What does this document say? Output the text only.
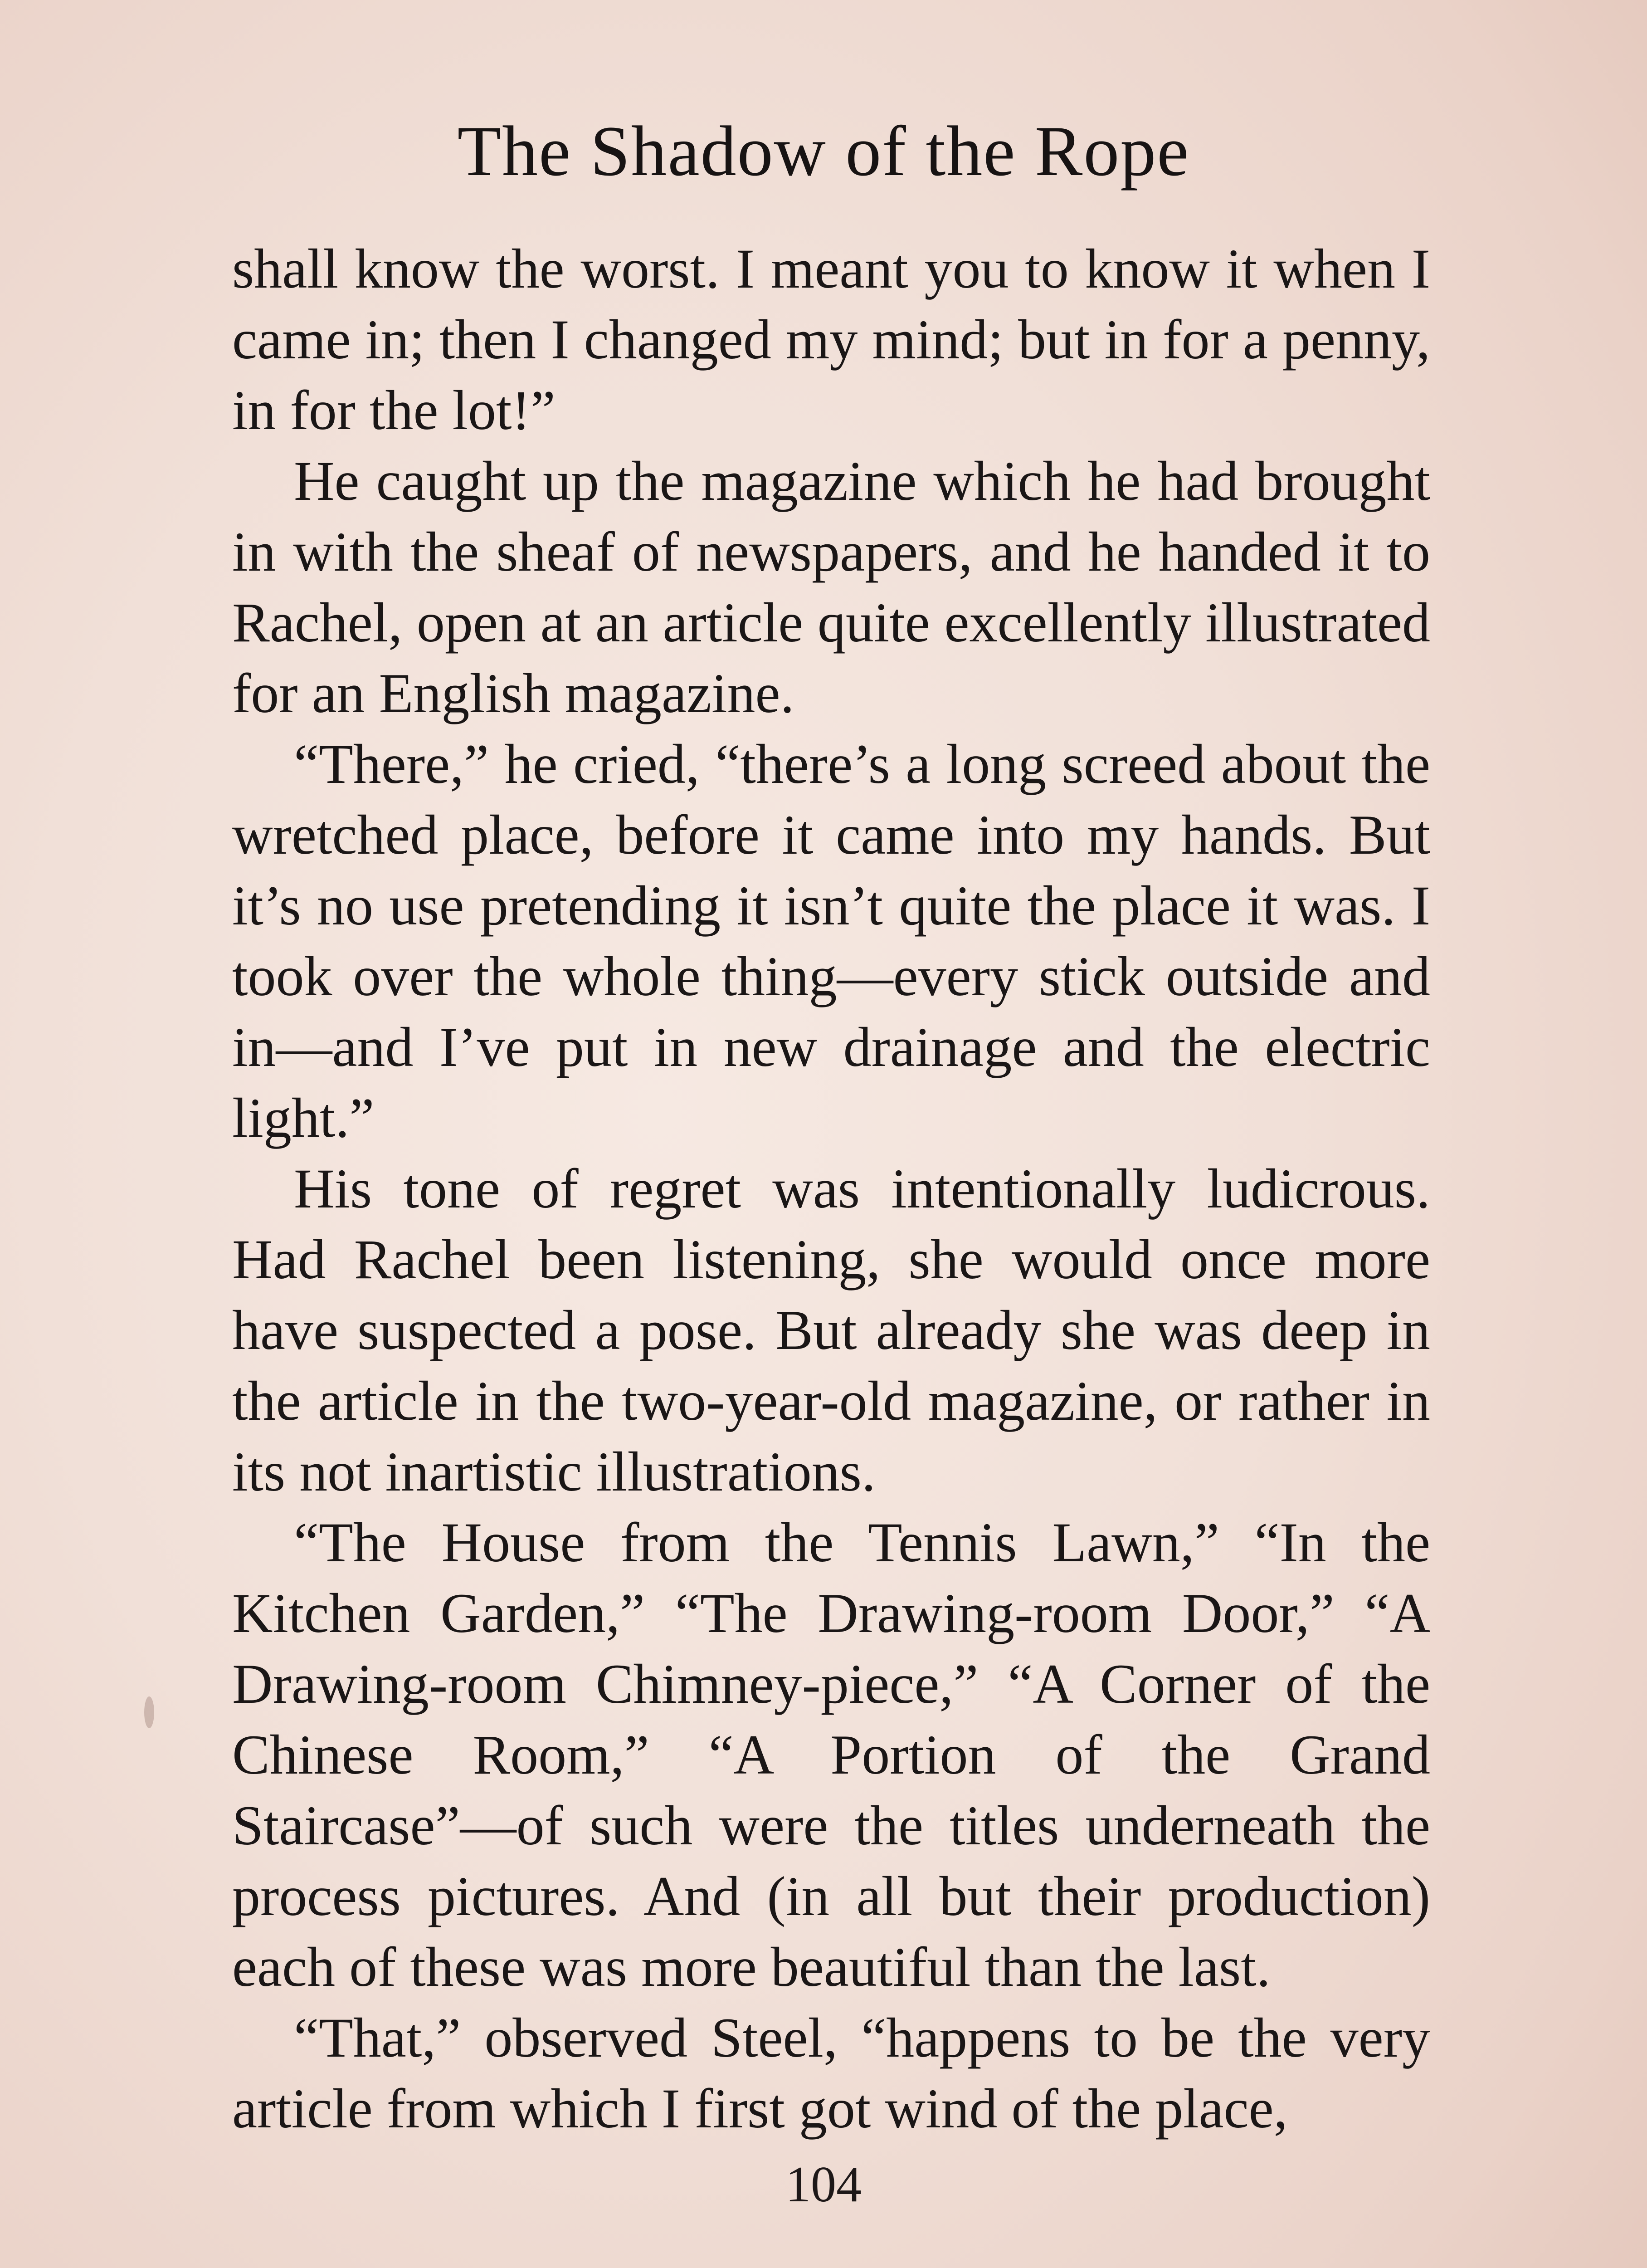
The Shadow of the Rope

shall know the worst. I meant you to know it when I came in; then I changed my mind; but in for a penny, in for the lot!”

He caught up the magazine which he had brought in with the sheaf of newspapers, and he handed it to Rachel, open at an article quite excellently illustrated for an English magazine.

“There,” he cried, “there’s a long screed about the wretched place, before it came into my hands. But it’s no use pretending it isn’t quite the place it was. I took over the whole thing—every stick outside and in—and I’ve put in new drainage and the electric light.”

His tone of regret was intentionally ludicrous. Had Rachel been listening, she would once more have suspected a pose. But already she was deep in the article in the two-year-old magazine, or rather in its not inartistic illustrations.

“The House from the Tennis Lawn,” “In the Kitchen Garden,” “The Drawing-room Door,” “A Drawing-room Chimney-piece,” “A Corner of the Chinese Room,” “A Portion of the Grand Staircase”—of such were the titles underneath the process pictures. And (in all but their production) each of these was more beautiful than the last.

“That,” observed Steel, “happens to be the very article from which I first got wind of the place,

104
